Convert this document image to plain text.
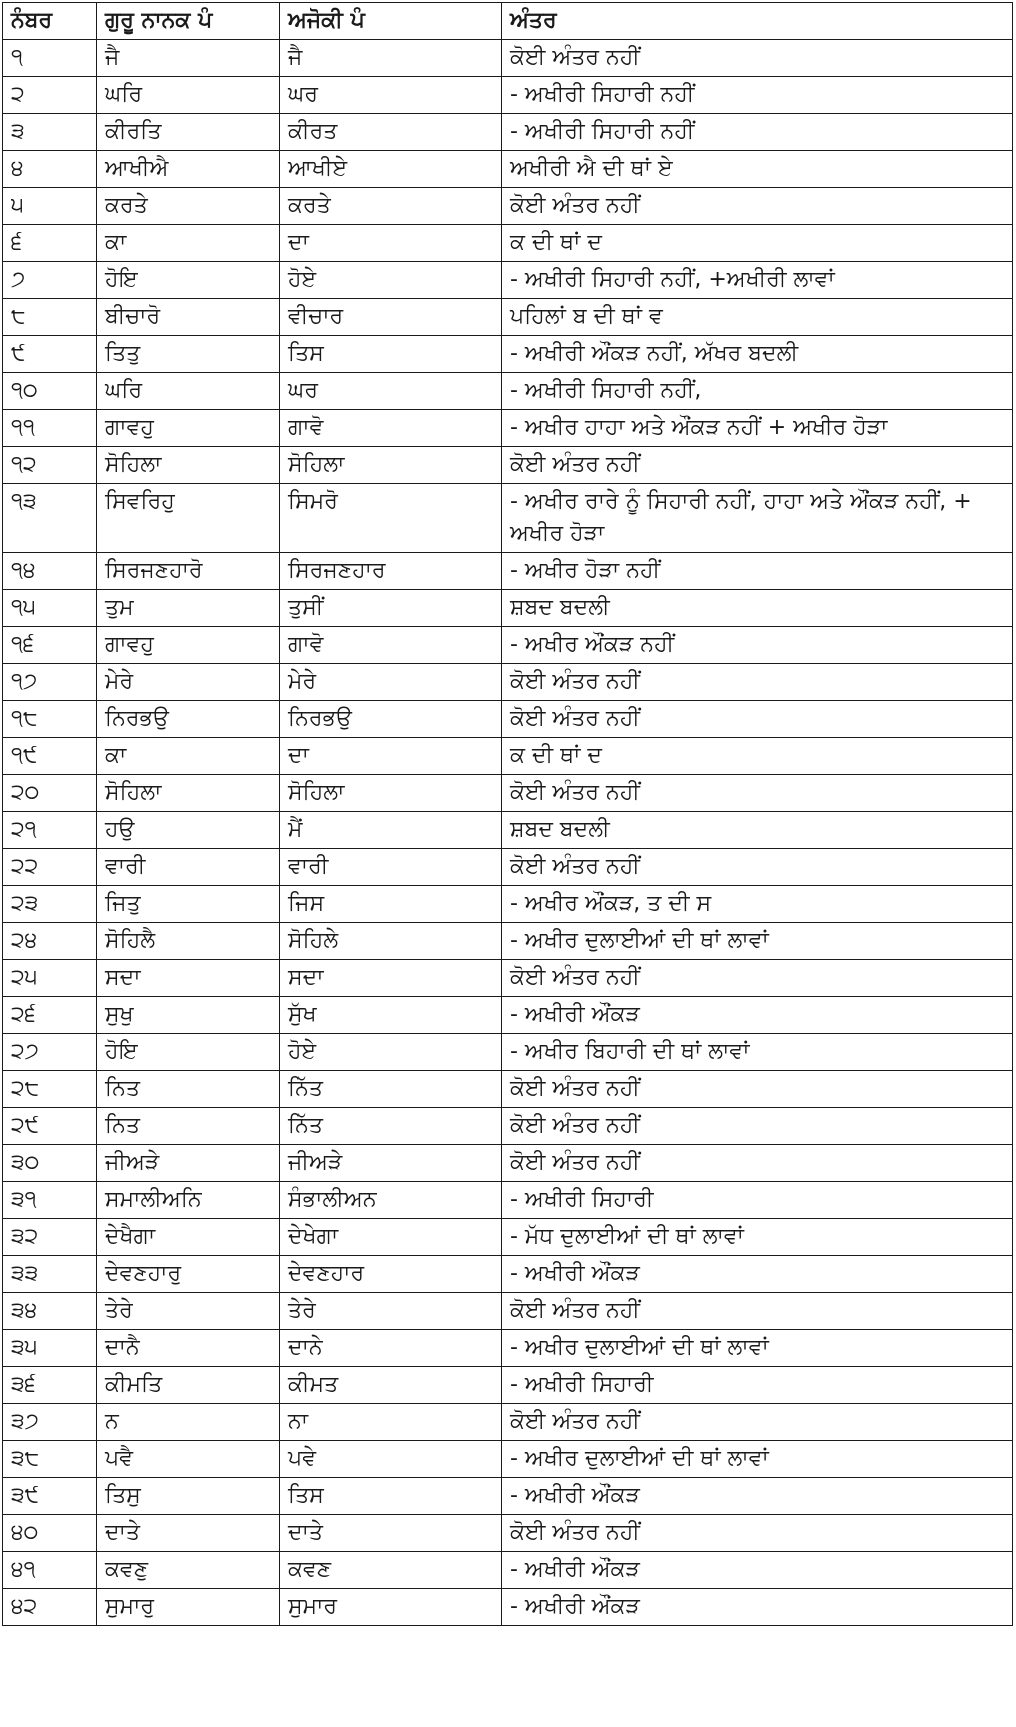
ਨੰਬਰ	ਗੁਰੂ ਨਾਨਕ ਪੰ	ਅਜੋਕੀ ਪੰ	ਅੰਤਰ
੧	ਜੈ	ਜੈ	ਕੋਈ ਅੰਤਰ ਨਹੀਂ
੨	ਘਰਿ	ਘਰ	- ਅਖੀਰੀ ਸਿਹਾਰੀ ਨਹੀਂ
੩	ਕੀਰਤਿ	ਕੀਰਤ	- ਅਖੀਰੀ ਸਿਹਾਰੀ ਨਹੀਂ
੪	ਆਖੀਐ	ਆਖੀਏ	ਅਖੀਰੀ ਐ ਦੀ ਥਾਂ ਏ
੫	ਕਰਤੇ	ਕਰਤੇ	ਕੋਈ ਅੰਤਰ ਨਹੀਂ
੬	ਕਾ	ਦਾ	ਕ ਦੀ ਥਾਂ ਦ
੭	ਹੋਇ	ਹੋਏ	- ਅਖੀਰੀ ਸਿਹਾਰੀ ਨਹੀਂ, +ਅਖੀਰੀ ਲਾਵਾਂ
੮	ਬੀਚਾਰੋ	ਵੀਚਾਰ	ਪਹਿਲਾਂ ਬ ਦੀ ਥਾਂ ਵ
੯	ਤਿਤੁ	ਤਿਸ	- ਅਖੀਰੀ ਔਂਕੜ ਨਹੀਂ, ਅੱਖਰ ਬਦਲੀ
੧੦	ਘਰਿ	ਘਰ	- ਅਖੀਰੀ ਸਿਹਾਰੀ ਨਹੀਂ,
੧੧	ਗਾਵਹੁ	ਗਾਵੋ	- ਅਖੀਰ ਹਾਹਾ ਅਤੇ ਔਂਕੜ ਨਹੀਂ + ਅਖੀਰ ਹੋੜਾ
੧੨	ਸੋਹਿਲਾ	ਸੋਹਿਲਾ	ਕੋਈ ਅੰਤਰ ਨਹੀਂ
੧੩	ਸਿਵਰਿਹੁ	ਸਿਮਰੋ	- ਅਖੀਰ ਰਾਰੇ ਨੂੰ ਸਿਹਾਰੀ ਨਹੀਂ, ਹਾਹਾ ਅਤੇ ਔਂਕੜ ਨਹੀਂ, + ਅਖੀਰ ਹੋੜਾ
੧੪	ਸਿਰਜਣਹਾਰੋ	ਸਿਰਜਣਹਾਰ	- ਅਖੀਰ ਹੋੜਾ ਨਹੀਂ
੧੫	ਤੁਮ	ਤੁਸੀਂ	ਸ਼ਬਦ ਬਦਲੀ
੧੬	ਗਾਵਹੁ	ਗਾਵੋ	- ਅਖੀਰ ਔਂਕੜ ਨਹੀਂ
੧੭	ਮੇਰੇ	ਮੇਰੇ	ਕੋਈ ਅੰਤਰ ਨਹੀਂ
੧੮	ਨਿਰਭਉ	ਨਿਰਭਉ	ਕੋਈ ਅੰਤਰ ਨਹੀਂ
੧੯	ਕਾ	ਦਾ	ਕ ਦੀ ਥਾਂ ਦ
੨੦	ਸੋਹਿਲਾ	ਸੋਹਿਲਾ	ਕੋਈ ਅੰਤਰ ਨਹੀਂ
੨੧	ਹਉ	ਮੈਂ	ਸ਼ਬਦ ਬਦਲੀ
੨੨	ਵਾਰੀ	ਵਾਰੀ	ਕੋਈ ਅੰਤਰ ਨਹੀਂ
੨੩	ਜਿਤੁ	ਜਿਸ	- ਅਖੀਰ ਔਂਕੜ, ਤ ਦੀ ਸ
੨੪	ਸੋਹਿਲੈ	ਸੋਹਿਲੇ	- ਅਖੀਰ ਦੁਲਾਈਆਂ ਦੀ ਥਾਂ ਲਾਵਾਂ
੨੫	ਸਦਾ	ਸਦਾ	ਕੋਈ ਅੰਤਰ ਨਹੀਂ
੨੬	ਸੁਖੁ	ਸੁੱਖ	- ਅਖੀਰੀ ਔਂਕੜ
੨੭	ਹੋਇ	ਹੋਏ	- ਅਖੀਰ ਬਿਹਾਰੀ ਦੀ ਥਾਂ ਲਾਵਾਂ
੨੮	ਨਿਤ	ਨਿੱਤ	ਕੋਈ ਅੰਤਰ ਨਹੀਂ
੨੯	ਨਿਤ	ਨਿੱਤ	ਕੋਈ ਅੰਤਰ ਨਹੀਂ
੩੦	ਜੀਅੜੇ	ਜੀਅੜੇ	ਕੋਈ ਅੰਤਰ ਨਹੀਂ
੩੧	ਸਮਾਲੀਅਨਿ	ਸੰਭਾਲੀਅਨ	- ਅਖੀਰੀ ਸਿਹਾਰੀ
੩੨	ਦੇਖੈਗਾ	ਦੇਖੇਗਾ	- ਮੱਧ ਦੁਲਾਈਆਂ ਦੀ ਥਾਂ ਲਾਵਾਂ
੩੩	ਦੇਵਣਹਾਰੁ	ਦੇਵਣਹਾਰ	- ਅਖੀਰੀ ਔਂਕੜ
੩੪	ਤੇਰੇ	ਤੇਰੇ	ਕੋਈ ਅੰਤਰ ਨਹੀਂ
੩੫	ਦਾਨੈ	ਦਾਨੇ	- ਅਖੀਰ ਦੁਲਾਈਆਂ ਦੀ ਥਾਂ ਲਾਵਾਂ
੩੬	ਕੀਮਤਿ	ਕੀਮਤ	- ਅਖੀਰੀ ਸਿਹਾਰੀ
੩੭	ਨ	ਨਾ	ਕੋਈ ਅੰਤਰ ਨਹੀਂ
੩੮	ਪਵੈ	ਪਵੇ	- ਅਖੀਰ ਦੁਲਾਈਆਂ ਦੀ ਥਾਂ ਲਾਵਾਂ
੩੯	ਤਿਸੁ	ਤਿਸ	- ਅਖੀਰੀ ਔਂਕੜ
੪੦	ਦਾਤੇ	ਦਾਤੇ	ਕੋਈ ਅੰਤਰ ਨਹੀਂ
੪੧	ਕਵਣੁ	ਕਵਣ	- ਅਖੀਰੀ ਔਂਕੜ
੪੨	ਸੁਮਾਰੁ	ਸੁਮਾਰ	- ਅਖੀਰੀ ਔਂਕੜ
